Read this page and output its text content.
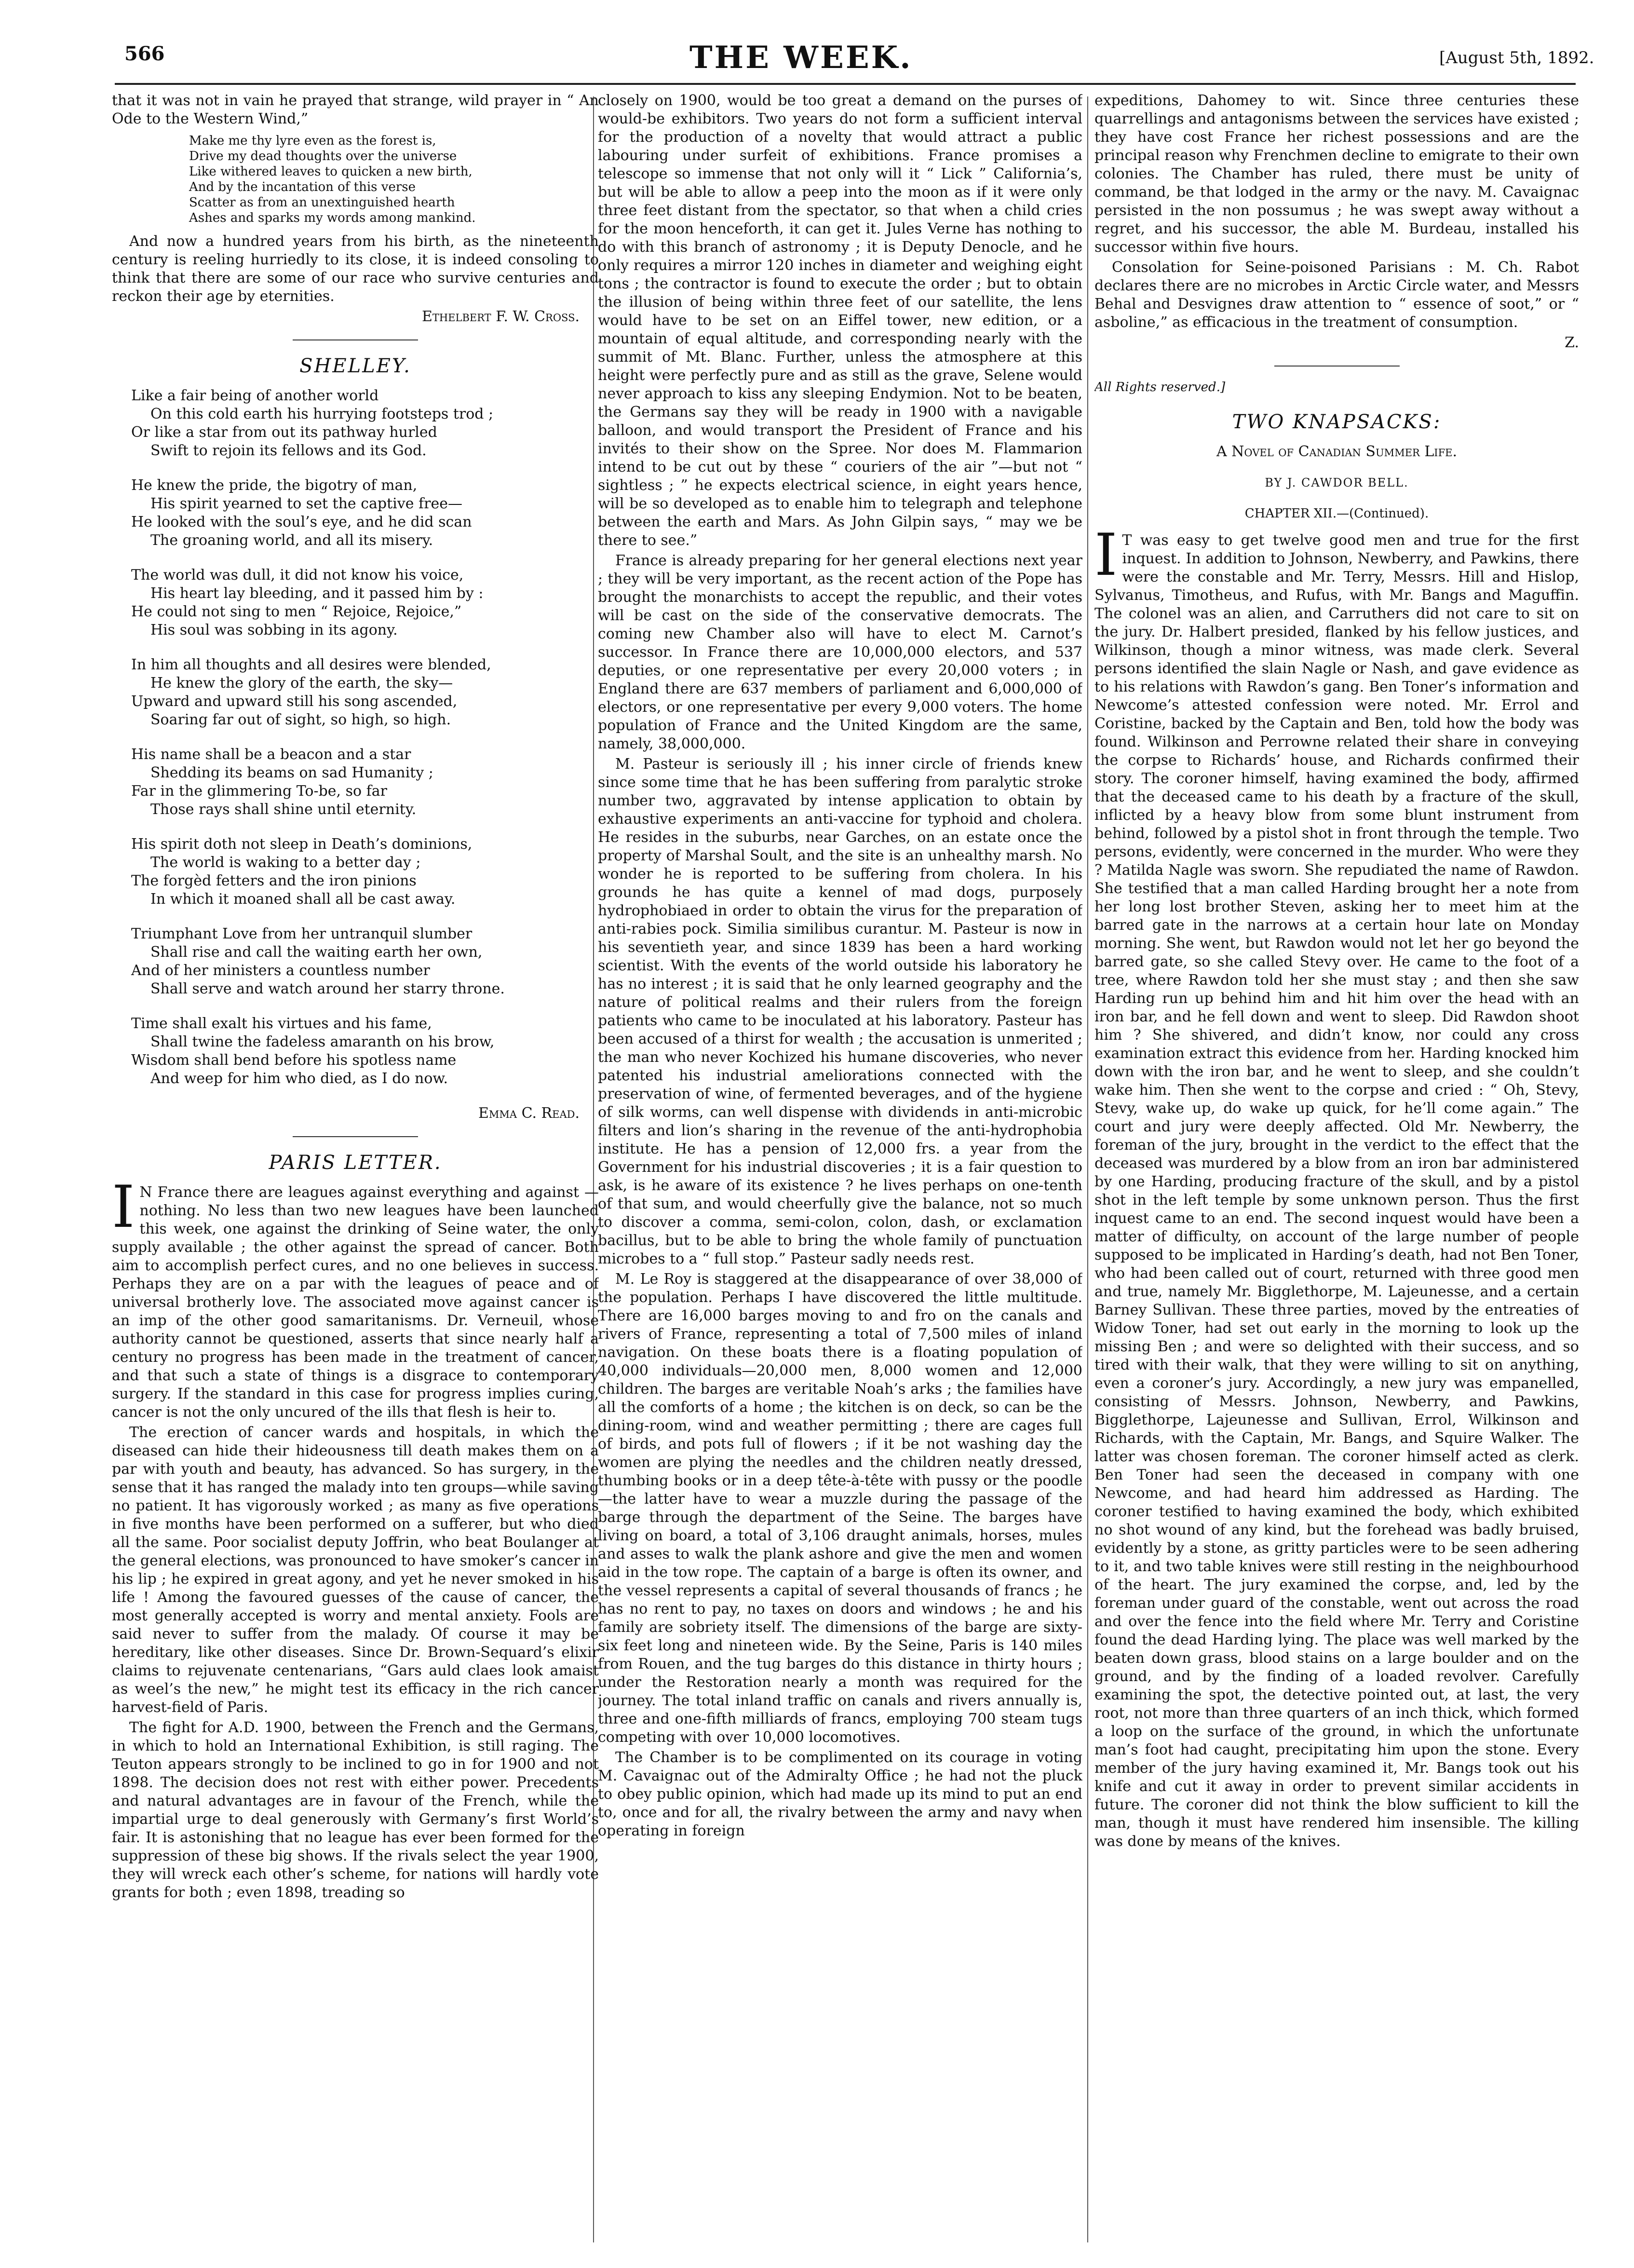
566	THE WEEK.	[August 5th, 1892.

that it was not in vain he prayed that strange, wild prayer in “ An Ode to the Western Wind,”

Make me thy lyre even as the forest is,
Drive my dead thoughts over the universe
Like withered leaves to quicken a new birth,
And by the incantation of this verse
Scatter as from an unextinguished hearth
Ashes and sparks my words among mankind.

And now a hundred years from his birth, as the nineteenth century is reeling hurriedly to its close, it is indeed consoling to think that there are some of our race who survive centuries and reckon their age by eternities.

Ethelbert F. W. Cross.
SHELLEY.
Like a fair being of another world
On this cold earth his hurrying footsteps trod ;
Or like a star from out its pathway hurled
Swift to rejoin its fellows and its God.
He knew the pride, the bigotry of man,
His spirit yearned to set the captive free—
He looked with the soul’s eye, and he did scan
The groaning world, and all its misery.
The world was dull, it did not know his voice,
His heart lay bleeding, and it passed him by :
He could not sing to men “ Rejoice, Rejoice,”
His soul was sobbing in its agony.
In him all thoughts and all desires were blended,
He knew the glory of the earth, the sky—
Upward and upward still his song ascended,
Soaring far out of sight, so high, so high.
His name shall be a beacon and a star
Shedding its beams on sad Humanity ;
Far in the glimmering To-be, so far
Those rays shall shine until eternity.
His spirit doth not sleep in Death’s dominions,
The world is waking to a better day ;
The forgèd fetters and the iron pinions
In which it moaned shall all be cast away.
Triumphant Love from her untranquil slumber
Shall rise and call the waiting earth her own,
And of her ministers a countless number
Shall serve and watch around her starry throne.
Time shall exalt his virtues and his fame,
Shall twine the fadeless amaranth on his brow,
Wisdom shall bend before his spotless name
And weep for him who died, as I do now.
Emma C. Read.
PARIS LETTER.

I N France there are leagues against everything and against —nothing. No less than two new leagues have been launched this week, one against the drinking of Seine water, the only supply available ; the other against the spread of cancer. Both aim to accomplish perfect cures, and no one believes in success. Perhaps they are on a par with the leagues of peace and of universal brotherly love. The associated move against cancer is an imp of the other good samaritanisms. Dr. Verneuil, whose authority cannot be questioned, asserts that since nearly half a century no progress has been made in the treatment of cancer, and that such a state of things is a disgrace to contemporary surgery. If the standard in this case for progress implies curing, cancer is not the only uncured of the ills that flesh is heir to.

The erection of cancer wards and hospitals, in which the diseased can hide their hideousness till death makes them on a par with youth and beauty, has advanced. So has surgery, in the sense that it has ranged the malady into ten groups—while saving no patient. It has vigorously worked ; as many as five operations in five months have been performed on a sufferer, but who died all the same. Poor socialist deputy Joffrin, who beat Boulanger at the general elections, was pronounced to have smoker’s cancer in his lip ; he expired in great agony, and yet he never smoked in his life ! Among the favoured guesses of the cause of cancer, the most generally accepted is worry and mental anxiety. Fools are said never to suffer from the malady. Of course it may be hereditary, like other diseases. Since Dr. Brown-Sequard’s elixir claims to rejuvenate centenarians, “Gars auld claes look amaist as weel’s the new,” he might test its efficacy in the rich cancer harvest-field of Paris.

The fight for A.D. 1900, between the French and the Germans, in which to hold an International Exhibition, is still raging. The Teuton appears strongly to be inclined to go in for 1900 and not 1898. The decision does not rest with either power. Precedents and natural advantages are in favour of the French, while the impartial urge to deal generously with Germany’s first World’s fair. It is astonishing that no league has ever been formed for the suppression of these big shows. If the rivals select the year 1900, they will wreck each other’s scheme, for nations will hardly vote grants for both ; even 1898, treading so

closely on 1900, would be too great a demand on the purses of would-be exhibitors. Two years do not form a sufficient interval for the production of a novelty that would attract a public labouring under surfeit of exhibitions. France promises a telescope so immense that not only will it “ Lick ” California’s, but will be able to allow a peep into the moon as if it were only three feet distant from the spectator, so that when a child cries for the moon henceforth, it can get it. Jules Verne has nothing to do with this branch of astronomy ; it is Deputy Denocle, and he only requires a mirror 120 inches in diameter and weighing eight tons ; the contractor is found to execute the order ; but to obtain the illusion of being within three feet of our satellite, the lens would have to be set on an Eiffel tower, new edition, or a mountain of equal altitude, and corresponding nearly with the summit of Mt. Blanc. Further, unless the atmosphere at this height were perfectly pure and as still as the grave, Selene would never approach to kiss any sleeping Endymion. Not to be beaten, the Germans say they will be ready in 1900 with a navigable balloon, and would transport the President of France and his invités to their show on the Spree. Nor does M. Flammarion intend to be cut out by these “ couriers of the air ”—but not “ sightless ; ” he expects electrical science, in eight years hence, will be so developed as to enable him to telegraph and telephone between the earth and Mars. As John Gilpin says, “ may we be there to see.”

France is already preparing for her general elections next year ; they will be very important, as the recent action of the Pope has brought the monarchists to accept the republic, and their votes will be cast on the side of the conservative democrats. The coming new Chamber also will have to elect M. Carnot’s successor. In France there are 10,000,000 electors, and 537 deputies, or one representative per every 20,000 voters ; in England there are 637 members of parliament and 6,000,000 of electors, or one representative per every 9,000 voters. The home population of France and the United Kingdom are the same, namely, 38,000,000.

M. Pasteur is seriously ill ; his inner circle of friends knew since some time that he has been suffering from paralytic stroke number two, aggravated by intense application to obtain by exhaustive experiments an anti-vaccine for typhoid and cholera. He resides in the suburbs, near Garches, on an estate once the property of Marshal Soult, and the site is an unhealthy marsh. No wonder he is reported to be suffering from cholera. In his grounds he has quite a kennel of mad dogs, purposely hydrophobiaed in order to obtain the virus for the preparation of anti-rabies pock. Similia similibus curantur. M. Pasteur is now in his seventieth year, and since 1839 has been a hard working scientist. With the events of the world outside his laboratory he has no interest ; it is said that he only learned geography and the nature of political realms and their rulers from the foreign patients who came to be inoculated at his laboratory. Pasteur has been accused of a thirst for wealth ; the accusation is unmerited ; the man who never Kochized his humane discoveries, who never patented his industrial ameliorations connected with the preservation of wine, of fermented beverages, and of the hygiene of silk worms, can well dispense with dividends in anti-microbic filters and lion’s sharing in the revenue of the anti-hydrophobia institute. He has a pension of 12,000 frs. a year from the Government for his industrial discoveries ; it is a fair question to ask, is he aware of its existence ? he lives perhaps on one-tenth of that sum, and would cheerfully give the balance, not so much to discover a comma, semi-colon, colon, dash, or exclamation bacillus, but to be able to bring the whole family of punctuation microbes to a “ full stop.” Pasteur sadly needs rest.

M. Le Roy is staggered at the disappearance of over 38,000 of the population. Perhaps I have discovered the little multitude. There are 16,000 barges moving to and fro on the canals and rivers of France, representing a total of 7,500 miles of inland navigation. On these boats there is a floating population of 40,000 individuals—20,000 men, 8,000 women and 12,000 children. The barges are veritable Noah’s arks ; the families have all the comforts of a home ; the kitchen is on deck, so can be the dining-room, wind and weather permitting ; there are cages full of birds, and pots full of flowers ; if it be not washing day the women are plying the needles and the children neatly dressed, thumbing books or in a deep tête-à-tête with pussy or the poodle—the latter have to wear a muzzle during the passage of the barge through the department of the Seine. The barges have living on board, a total of 3,106 draught animals, horses, mules and asses to walk the plank ashore and give the men and women aid in the tow rope. The captain of a barge is often its owner, and the vessel represents a capital of several thousands of francs ; he has no rent to pay, no taxes on doors and windows ; he and his family are sobriety itself. The dimensions of the barge are sixty-six feet long and nineteen wide. By the Seine, Paris is 140 miles from Rouen, and the tug barges do this distance in thirty hours ; under the Restoration nearly a month was required for the journey. The total inland traffic on canals and rivers annually is, three and one-fifth milliards of francs, employing 700 steam tugs competing with over 10,000 locomotives.

The Chamber is to be complimented on its courage in voting M. Cavaignac out of the Admiralty Office ; he had not the pluck to obey public opinion, which had made up its mind to put an end to, once and for all, the rivalry between the army and navy when operating in foreign

expeditions, Dahomey to wit. Since three centuries these quarrellings and antagonisms between the services have existed ; they have cost France her richest possessions and are the principal reason why Frenchmen decline to emigrate to their own colonies. The Chamber has ruled, there must be unity of command, be that lodged in the army or the navy. M. Cavaignac persisted in the non possumus ; he was swept away without a regret, and his successor, the able M. Burdeau, installed his successor within five hours.

Consolation for Seine-poisoned Parisians : M. Ch. Rabot declares there are no microbes in Arctic Circle water, and Messrs Behal and Desvignes draw attention to “ essence of soot,” or “ asboline,” as efficacious in the treatment of consumption.

Z.
All Rights reserved.]
TWO KNAPSACKS:
A Novel of Canadian Summer Life.
BY J. CAWDOR BELL.
CHAPTER XII.—(Continued).

I T was easy to get twelve good men and true for the first inquest. In addition to Johnson, Newberry, and Pawkins, there were the constable and Mr. Terry, Messrs. Hill and Hislop, Sylvanus, Timotheus, and Rufus, with Mr. Bangs and Maguffin. The colonel was an alien, and Carruthers did not care to sit on the jury. Dr. Halbert presided, flanked by his fellow justices, and Wilkinson, though a minor witness, was made clerk. Several persons identified the slain Nagle or Nash, and gave evidence as to his relations with Rawdon’s gang. Ben Toner’s information and Newcome’s attested confession were noted. Mr. Errol and Coristine, backed by the Captain and Ben, told how the body was found. Wilkinson and Perrowne related their share in conveying the corpse to Richards’ house, and Richards confirmed their story. The coroner himself, having examined the body, affirmed that the deceased came to his death by a fracture of the skull, inflicted by a heavy blow from some blunt instrument from behind, followed by a pistol shot in front through the temple. Two persons, evidently, were concerned in the murder. Who were they ? Matilda Nagle was sworn. She repudiated the name of Rawdon. She testified that a man called Harding brought her a note from her long lost brother Steven, asking her to meet him at the barred gate in the narrows at a certain hour late on Monday morning. She went, but Rawdon would not let her go beyond the barred gate, so she called Stevy over. He came to the foot of a tree, where Rawdon told her she must stay ; and then she saw Harding run up behind him and hit him over the head with an iron bar, and he fell down and went to sleep. Did Rawdon shoot him ? She shivered, and didn’t know, nor could any cross examination extract this evidence from her. Harding knocked him down with the iron bar, and he went to sleep, and she couldn’t wake him. Then she went to the corpse and cried : “ Oh, Stevy, Stevy, wake up, do wake up quick, for he’ll come again.” The court and jury were deeply affected. Old Mr. Newberry, the foreman of the jury, brought in the verdict to the effect that the deceased was murdered by a blow from an iron bar administered by one Harding, producing fracture of the skull, and by a pistol shot in the left temple by some unknown person. Thus the first inquest came to an end. The second inquest would have been a matter of difficulty, on account of the large number of people supposed to be implicated in Harding’s death, had not Ben Toner, who had been called out of court, returned with three good men and true, namely Mr. Bigglethorpe, M. Lajeunesse, and a certain Barney Sullivan. These three parties, moved by the entreaties of Widow Toner, had set out early in the morning to look up the missing Ben ; and were so delighted with their success, and so tired with their walk, that they were willing to sit on anything, even a coroner’s jury. Accordingly, a new jury was empanelled, consisting of Messrs. Johnson, Newberry, and Pawkins, Bigglethorpe, Lajeunesse and Sullivan, Errol, Wilkinson and Richards, with the Captain, Mr. Bangs, and Squire Walker. The latter was chosen foreman. The coroner himself acted as clerk. Ben Toner had seen the deceased in company with one Newcome, and had heard him addressed as Harding. The coroner testified to having examined the body, which exhibited no shot wound of any kind, but the forehead was badly bruised, evidently by a stone, as gritty particles were to be seen adhering to it, and two table knives were still resting in the neighbourhood of the heart. The jury examined the corpse, and, led by the foreman under guard of the constable, went out across the road and over the fence into the field where Mr. Terry and Coristine found the dead Harding lying. The place was well marked by the beaten down grass, blood stains on a large boulder and on the ground, and by the finding of a loaded revolver. Carefully examining the spot, the detective pointed out, at last, the very root, not more than three quarters of an inch thick, which formed a loop on the surface of the ground, in which the unfortunate man’s foot had caught, precipitating him upon the stone. Every member of the jury having examined it, Mr. Bangs took out his knife and cut it away in order to prevent similar accidents in future. The coroner did not think the blow sufficient to kill the man, though it must have rendered him insensible. The killing was done by means of the knives.
